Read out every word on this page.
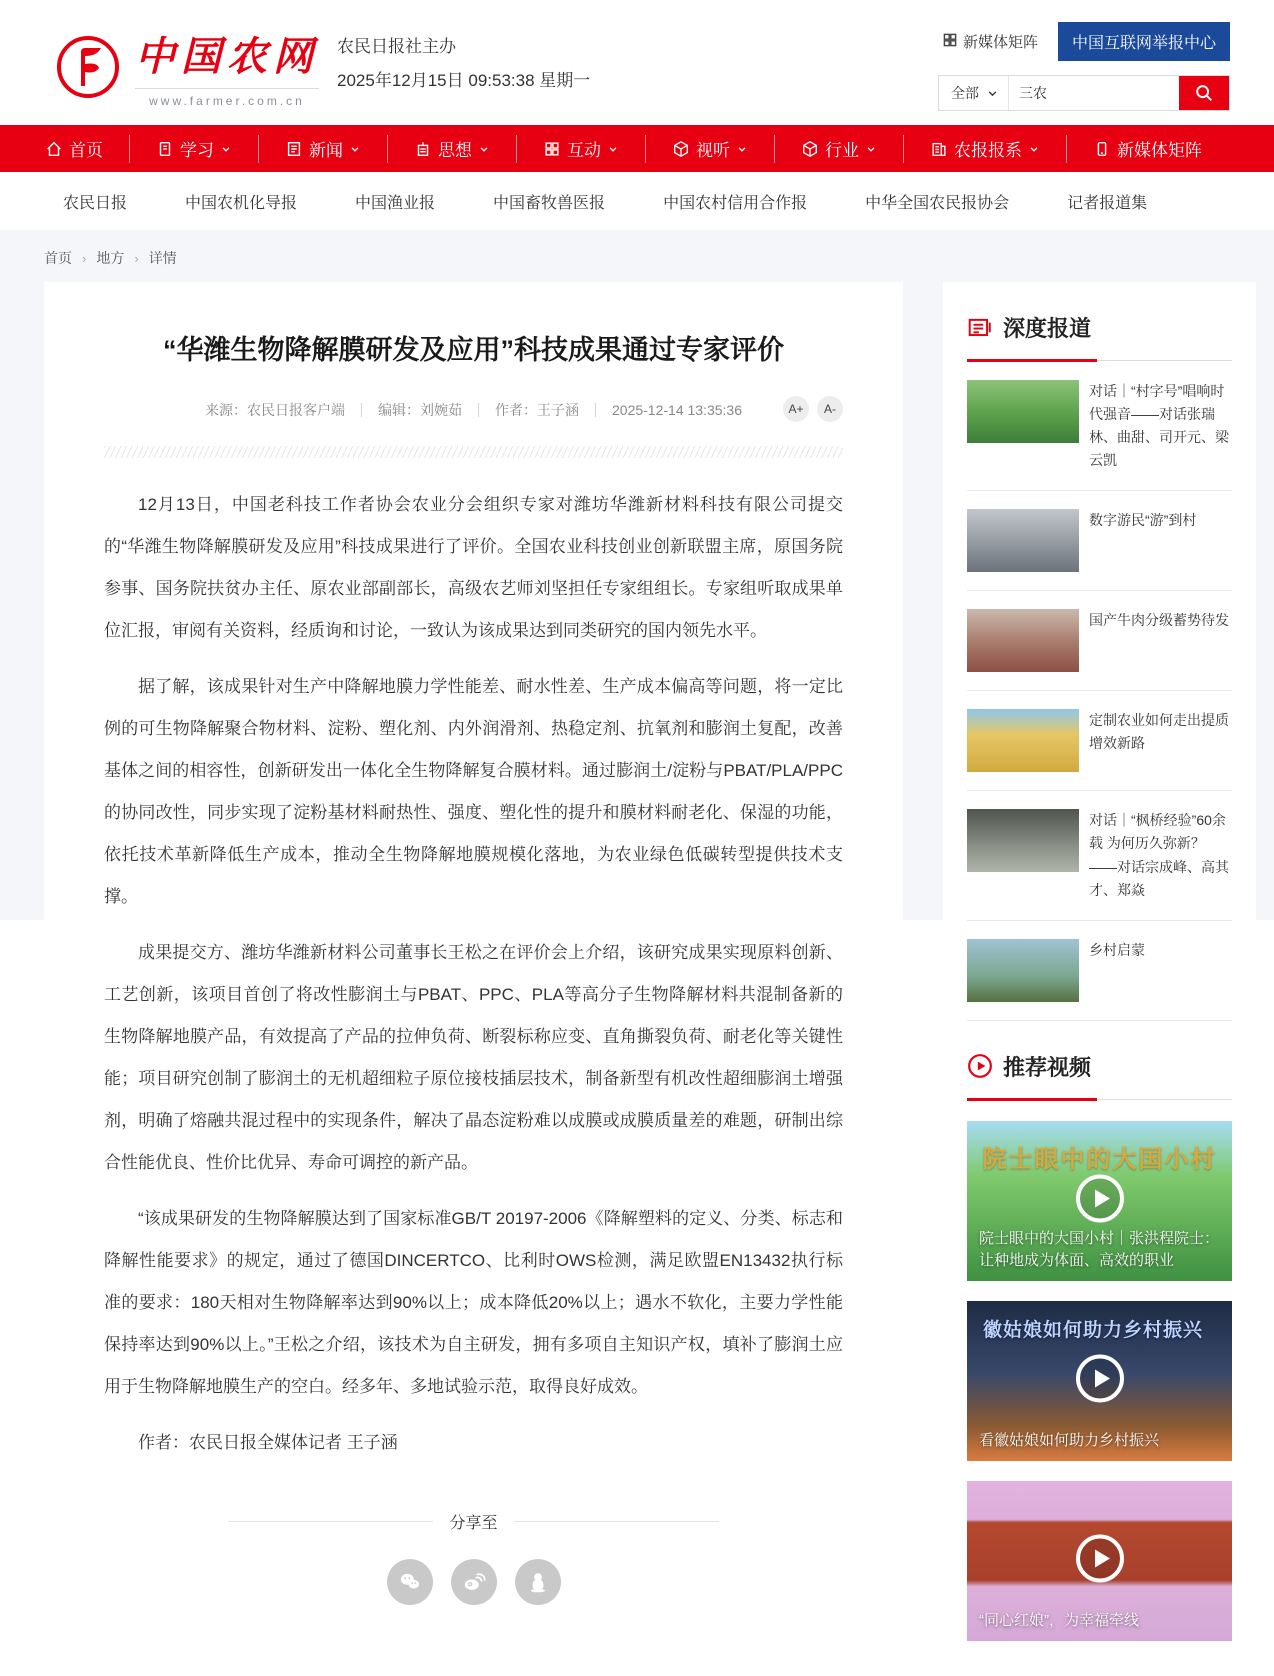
中国农网
www.farmer.com.cn
农民日报社主办
2025年12月15日 09:53:38 星期一
新媒体矩阵	中国互联网举报中心
全部
三农
首页	学习	新闻	思想	互动	视听	行业	农报报系	新媒体矩阵
农民日报	中国农机化导报	中国渔业报	中国畜牧兽医报	中国农村信用合作报	中华全国农民报协会	记者报道集
首页 › 地方 › 详情
“华潍生物降解膜研发及应用”科技成果通过专家评价
来源：农民日报客户端 编辑：刘婉茹 作者：王子涵 2025-12-14 13:35:36	A+	A-

12月13日，中国老科技工作者协会农业分会组织专家对潍坊华潍新材料科技有限公司提交的“华潍生物降解膜研发及应用”科技成果进行了评价。全国农业科技创业创新联盟主席，原国务院参事、国务院扶贫办主任、原农业部副部长，高级农艺师刘坚担任专家组组长。专家组听取成果单位汇报，审阅有关资料，经质询和讨论，一致认为该成果达到同类研究的国内领先水平。

据了解，该成果针对生产中降解地膜力学性能差、耐水性差、生产成本偏高等问题，将一定比例的可生物降解聚合物材料、淀粉、塑化剂、内外润滑剂、热稳定剂、抗氧剂和膨润土复配，改善基体之间的相容性，创新研发出一体化全生物降解复合膜材料。通过膨润土/淀粉与PBAT/PLA/PPC的协同改性，同步实现了淀粉基材料耐热性、强度、塑化性的提升和膜材料耐老化、保湿的功能，依托技术革新降低生产成本，推动全生物降解地膜规模化落地，为农业绿色低碳转型提供技术支撑。

成果提交方、潍坊华潍新材料公司董事长王松之在评价会上介绍，该研究成果实现原料创新、工艺创新，该项目首创了将改性膨润土与PBAT、PPC、PLA等高分子生物降解材料共混制备新的生物降解地膜产品，有效提高了产品的拉伸负荷、断裂标称应变、直角撕裂负荷、耐老化等关键性能；项目研究创制了膨润土的无机超细粒子原位接枝插层技术，制备新型有机改性超细膨润土增强剂，明确了熔融共混过程中的实现条件，解决了晶态淀粉难以成膜或成膜质量差的难题，研制出综合性能优良、性价比优异、寿命可调控的新产品。

“该成果研发的生物降解膜达到了国家标准GB/T 20197-2006《降解塑料的定义、分类、标志和降解性能要求》的规定，通过了德国DINCERTCO、比利时OWS检测，满足欧盟EN13432执行标准的要求：180天相对生物降解率达到90%以上；成本降低20%以上；遇水不软化，主要力学性能保持率达到90%以上。”王松之介绍，该技术为自主研发，拥有多项自主知识产权，填补了膨润土应用于生物降解地膜生产的空白。经多年、多地试验示范，取得良好成效。

作者：农民日报全媒体记者 王子涵

分享至
深度报道
对话｜“村字号”唱响时代强音——对话张瑞林、曲甜、司开元、梁云凯
数字游民“游”到村
国产牛肉分级蓄势待发
定制农业如何走出提质增效新路
对话｜“枫桥经验”60余载 为何历久弥新？——对话宗成峰、高其才、郑焱
乡村启蒙
推荐视频
院士眼中的大国小村
院士眼中的大国小村｜张洪程院士：让种地成为体面、高效的职业
徽姑娘如何助力乡村振兴
看徽姑娘如何助力乡村振兴
“同心红娘”，为幸福牵线
